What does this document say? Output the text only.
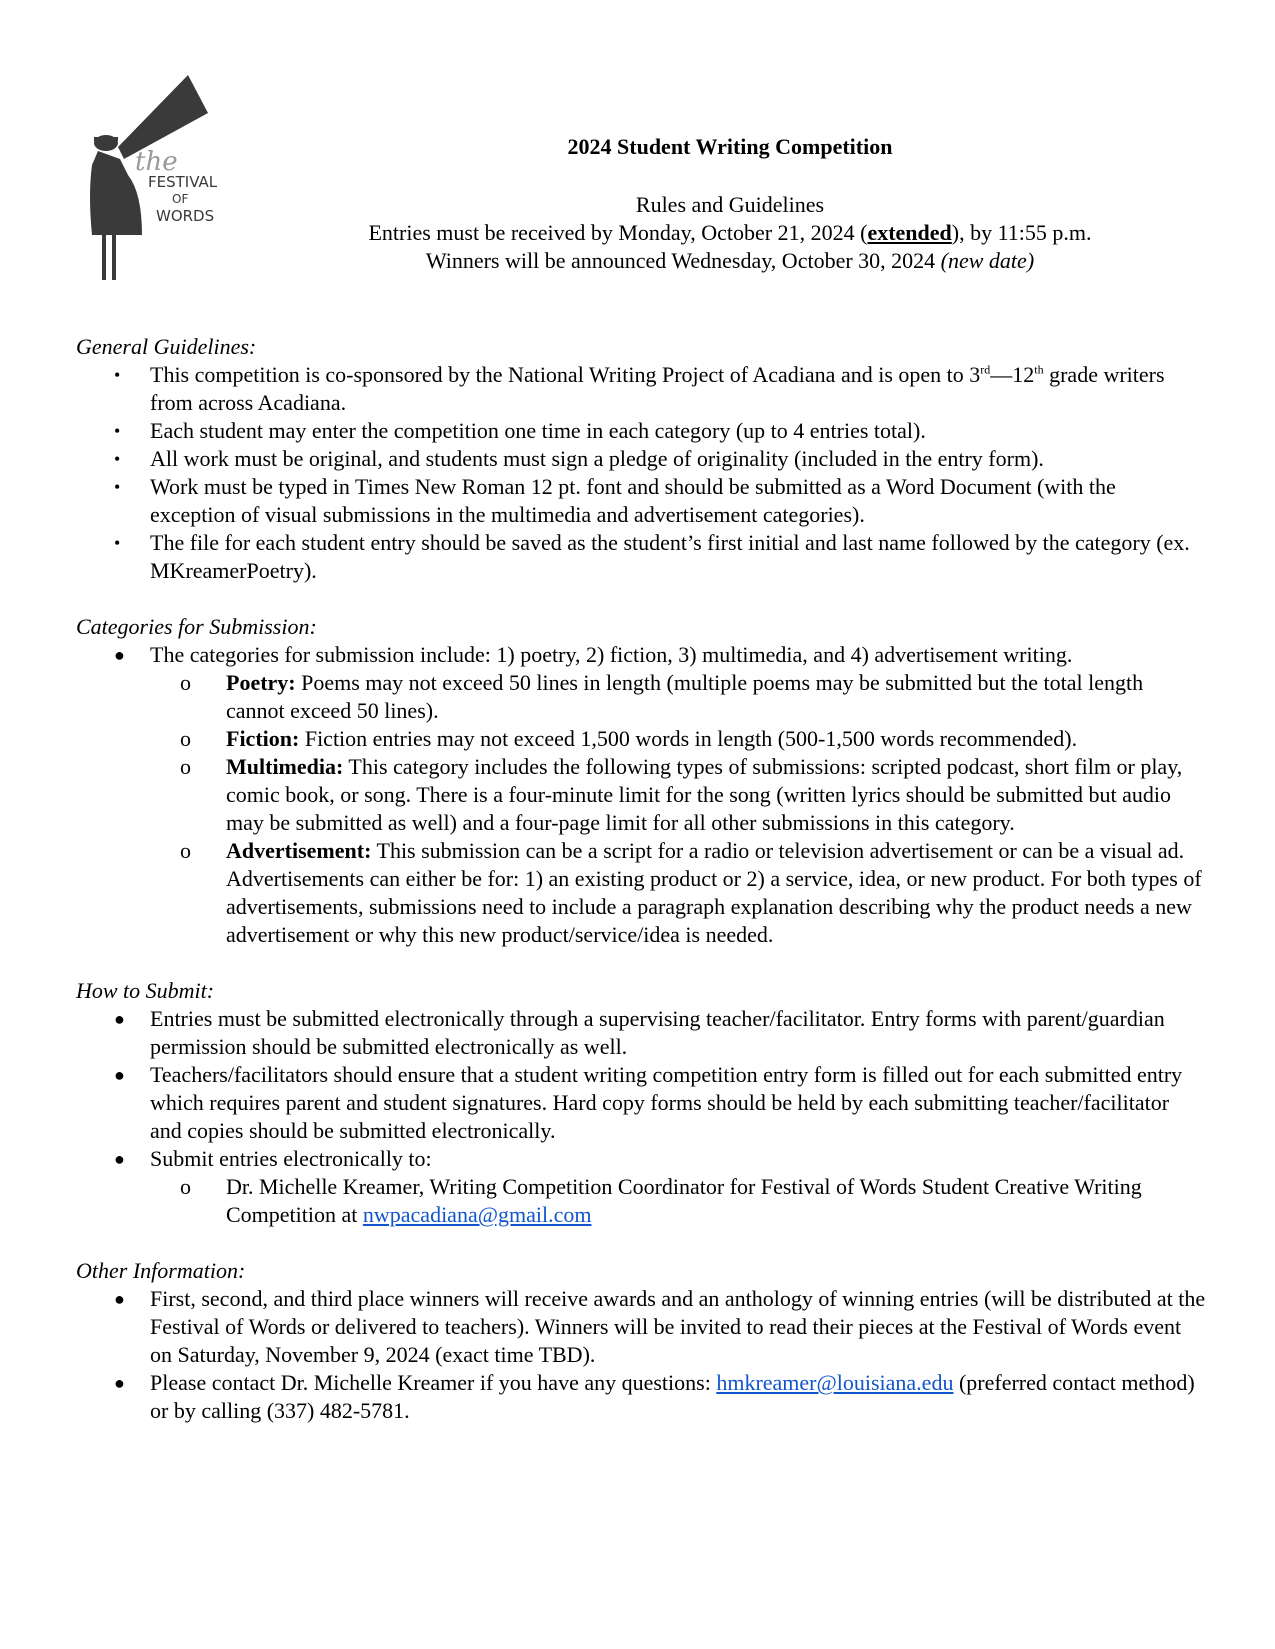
the
FESTIVAL
OF
WORDS
2024 Student Writing Competition
Rules and Guidelines
Entries must be received by Monday, October 21, 2024 (extended), by 11:55 p.m.
Winners will be announced Wednesday, October 30, 2024 (new date)

General Guidelines:

• This competition is co-sponsored by the National Writing Project of Acadiana and is open to 3rd—12th grade writers from across Acadiana.
• Each student may enter the competition one time in each category (up to 4 entries total).
• All work must be original, and students must sign a pledge of originality (included in the entry form).
• Work must be typed in Times New Roman 12 pt. font and should be submitted as a Word Document (with the exception of visual submissions in the multimedia and advertisement categories).
• The file for each student entry should be saved as the student’s first initial and last name followed by the category (ex. MKreamerPoetry).

Categories for Submission:

● The categories for submission include: 1) poetry, 2) fiction, 3) multimedia, and 4) advertisement writing.
o Poetry: Poems may not exceed 50 lines in length (multiple poems may be submitted but the total length cannot exceed 50 lines).
o Fiction: Fiction entries may not exceed 1,500 words in length (500-1,500 words recommended).
o Multimedia: This category includes the following types of submissions: scripted podcast, short film or play, comic book, or song. There is a four-minute limit for the song (written lyrics should be submitted but audio may be submitted as well) and a four-page limit for all other submissions in this category.
o Advertisement: This submission can be a script for a radio or television advertisement or can be a visual ad. Advertisements can either be for: 1) an existing product or 2) a service, idea, or new product. For both types of advertisements, submissions need to include a paragraph explanation describing why the product needs a new advertisement or why this new product/service/idea is needed.

How to Submit:

● Entries must be submitted electronically through a supervising teacher/facilitator. Entry forms with parent/guardian permission should be submitted electronically as well.
● Teachers/facilitators should ensure that a student writing competition entry form is filled out for each submitted entry which requires parent and student signatures. Hard copy forms should be held by each submitting teacher/facilitator and copies should be submitted electronically.
● Submit entries electronically to:
o Dr. Michelle Kreamer, Writing Competition Coordinator for Festival of Words Student Creative Writing Competition at nwpacadiana@gmail.com

Other Information:

● First, second, and third place winners will receive awards and an anthology of winning entries (will be distributed at the Festival of Words or delivered to teachers). Winners will be invited to read their pieces at the Festival of Words event on Saturday, November 9, 2024 (exact time TBD).
● Please contact Dr. Michelle Kreamer if you have any questions: hmkreamer@louisiana.edu (preferred contact method) or by calling (337) 482-5781.
